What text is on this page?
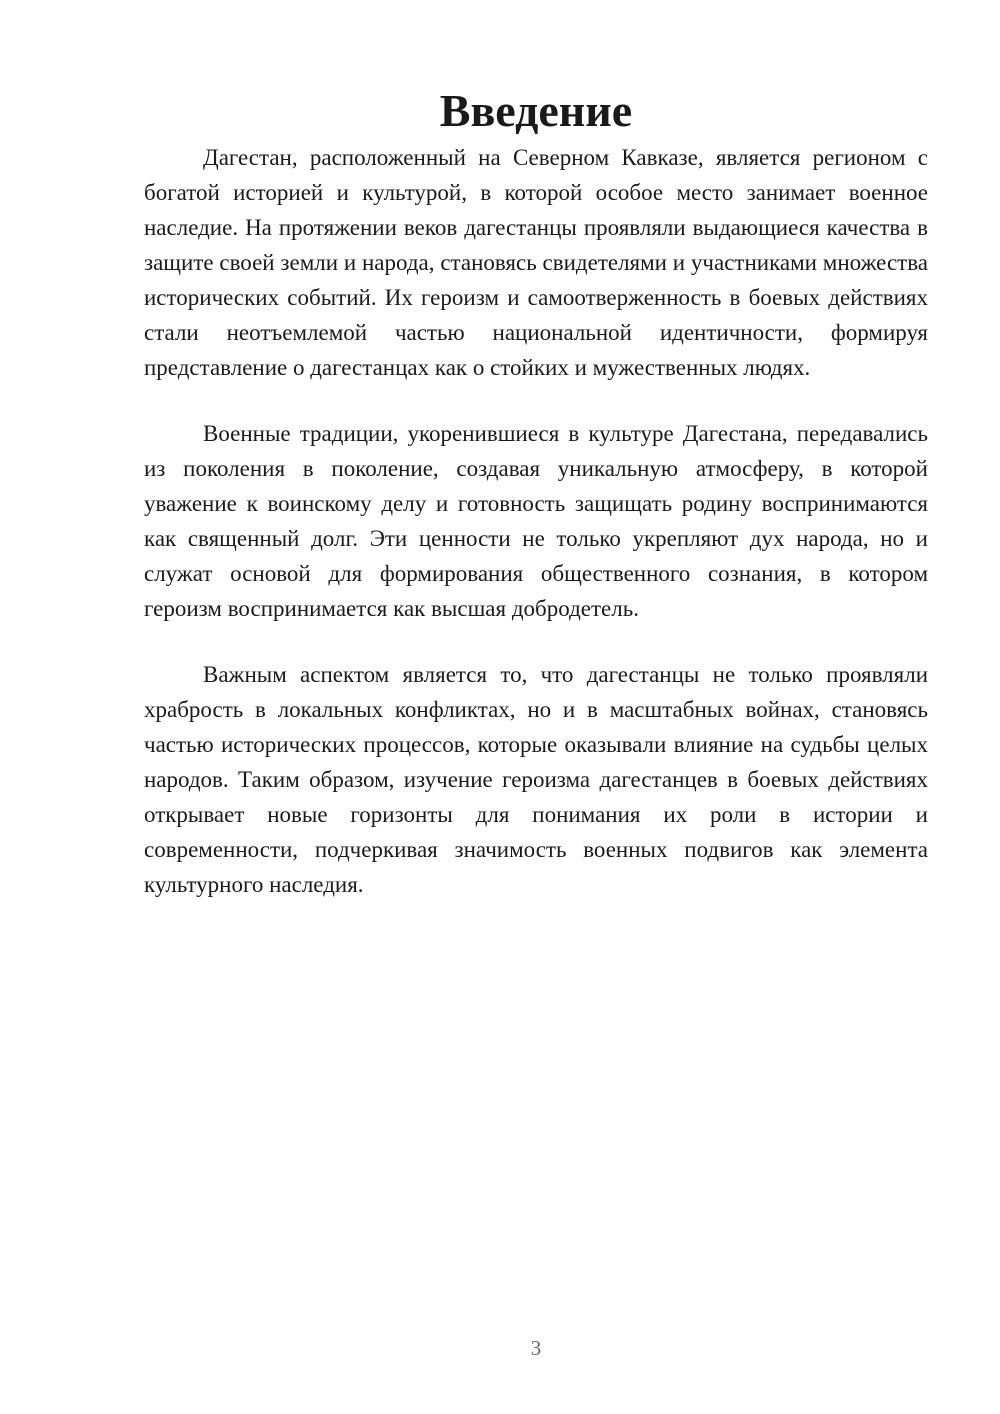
Введение

Дагестан, расположенный на Северном Кавказе, является регионом с богатой историей и культурой, в которой особое место занимает военное наследие. На протяжении веков дагестанцы проявляли выдающиеся качества в защите своей земли и народа, становясь свидетелями и участниками множества исторических событий. Их героизм и самоотверженность в боевых действиях стали неотъемлемой частью национальной идентичности, формируя представление о дагестанцах как о стойких и мужественных людях.

Военные традиции, укоренившиеся в культуре Дагестана, передавались из поколения в поколение, создавая уникальную атмосферу, в которой уважение к воинскому делу и готовность защищать родину воспринимаются как священный долг. Эти ценности не только укрепляют дух народа, но и служат основой для формирования общественного сознания, в котором героизм воспринимается как высшая добродетель.

Важным аспектом является то, что дагестанцы не только проявляли храбрость в локальных конфликтах, но и в масштабных войнах, становясь частью исторических процессов, которые оказывали влияние на судьбы целых народов. Таким образом, изучение героизма дагестанцев в боевых действиях открывает новые горизонты для понимания их роли в истории и современности, подчеркивая значимость военных подвигов как элемента культурного наследия.

3
